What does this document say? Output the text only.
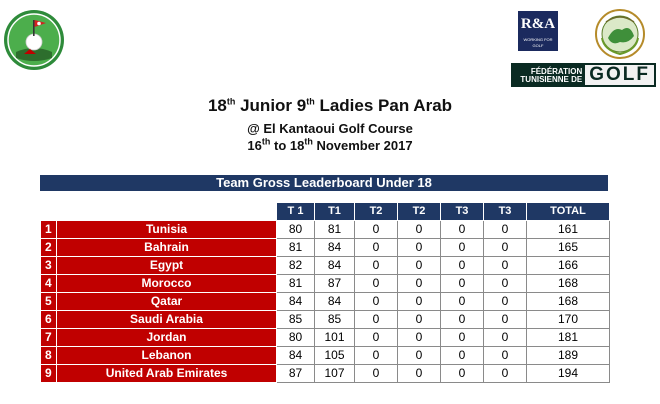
R&A
WORKING FOR GOLF
FÉDÉRATION TUNISIENNE DE GOLF
18th Junior 9th Ladies Pan Arab
@ El Kantaoui Golf Course
16th to 18th November 2017
Team Gross Leaderboard Under 18
		T 1	T1	T2	T2	T3	T3	TOTAL
1	Tunisia	80	81	0	0	0	0	161
2	Bahrain	81	84	0	0	0	0	165
3	Egypt	82	84	0	0	0	0	166
4	Morocco	81	87	0	0	0	0	168
5	Qatar	84	84	0	0	0	0	168
6	Saudi Arabia	85	85	0	0	0	0	170
7	Jordan	80	101	0	0	0	0	181
8	Lebanon	84	105	0	0	0	0	189
9	United Arab Emirates	87	107	0	0	0	0	194
